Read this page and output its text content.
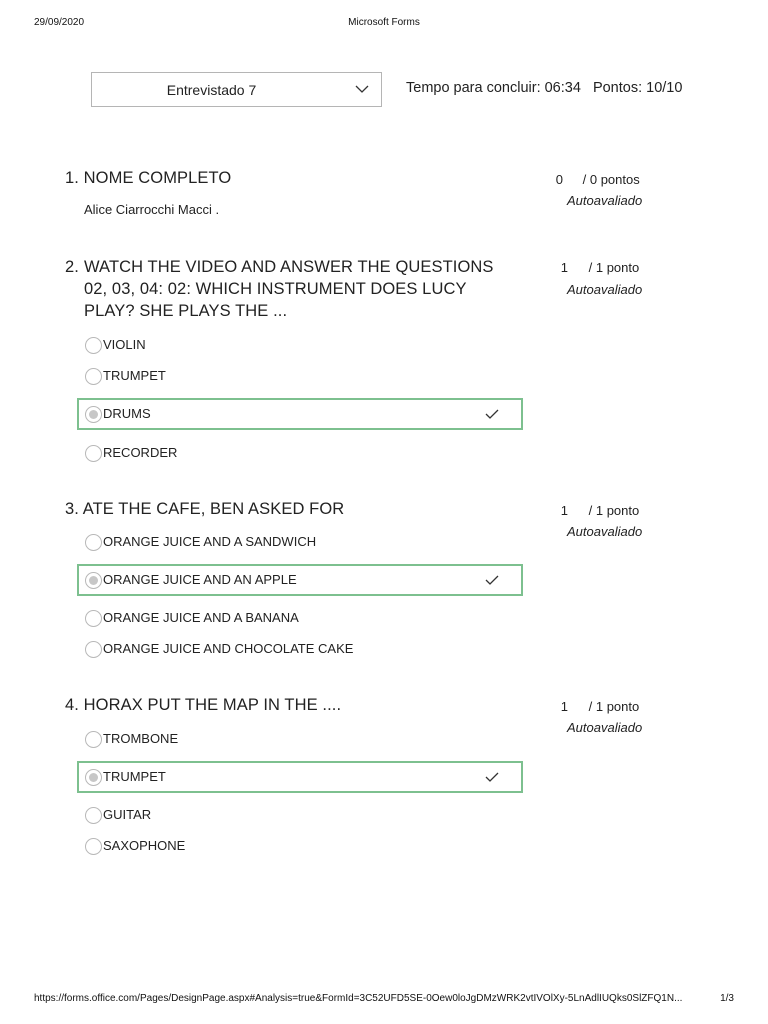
29/09/2020	Microsoft Forms
https://forms.office.com/Pages/DesignPage.aspx#Analysis=true&FormId=3C52UFD5SE-0Oew0loJgDMzWRK2vtIVOlXy-5LnAdlIUQks0SlZFQ1N...	1/3
Entrevistado 7	Tempo para concluir: 06:34 Pontos: 10/10
1. NOME COMPLETO	0 / 0 pontos
Autoavaliado
Alice Ciarrocchi Macci .
2. WATCH THE VIDEO AND ANSWER THE QUESTIONS 02, 03, 04: 02: WHICH INSTRUMENT DOES LUCY PLAY? SHE PLAYS THE ...
1 / 1 ponto
Autoavaliado
VIOLIN
TRUMPET
DRUMS
RECORDER
3. ATE THE CAFE, BEN ASKED FOR	1 / 1 ponto
Autoavaliado
ORANGE JUICE AND A SANDWICH
ORANGE JUICE AND AN APPLE
ORANGE JUICE AND A BANANA
ORANGE JUICE AND CHOCOLATE CAKE
4. HORAX PUT THE MAP IN THE ....	1 / 1 ponto
Autoavaliado
TROMBONE
TRUMPET
GUITAR
SAXOPHONE
